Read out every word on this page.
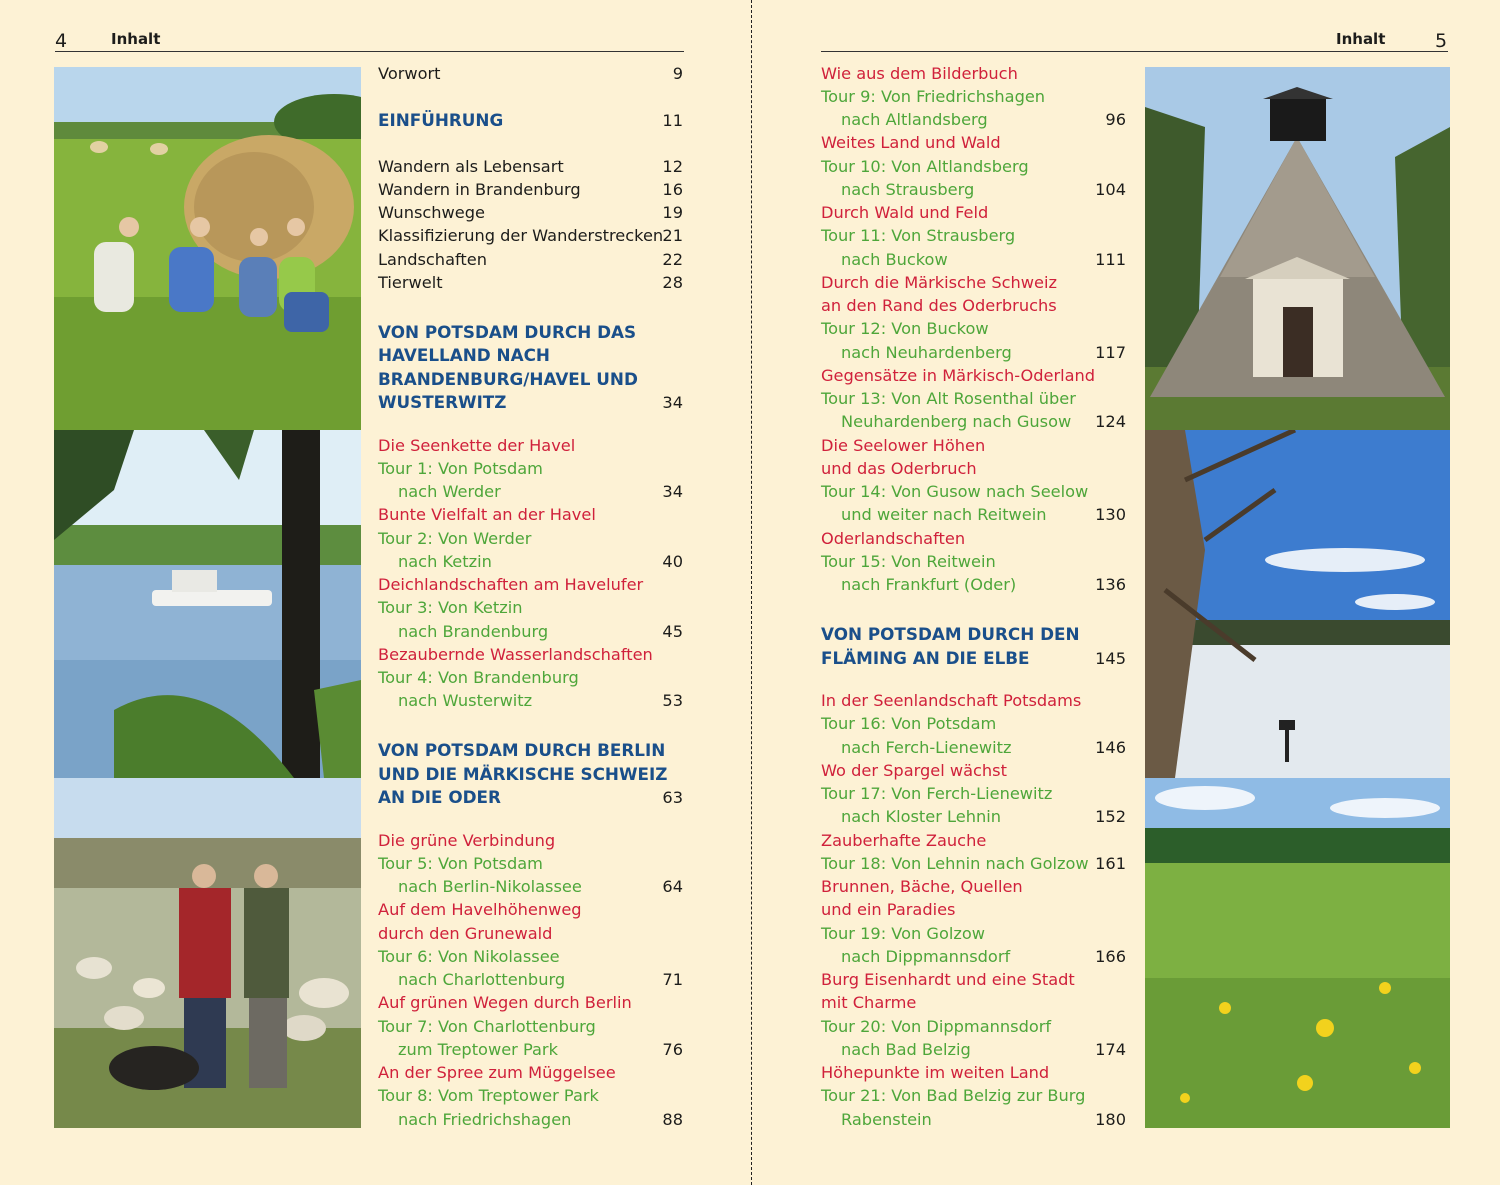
4	Inhalt
Vorwort	9
EINFÜHRUNG	11
Wandern als Lebensart	12
Wandern in Brandenburg	16
Wunschwege	19
Klassifizierung der Wanderstrecken 21
Landschaften	22
Tierwelt	28
VON POTSDAM DURCH DAS
HAVELLAND NACH
BRANDENBURG/HAVEL UND
WUSTERWITZ	34
Die Seenkette der Havel
Tour 1: Von Potsdam
nach Werder	34
Bunte Vielfalt an der Havel
Tour 2: Von Werder
nach Ketzin	40
Deichlandschaften am Havelufer
Tour 3: Von Ketzin
nach Brandenburg	45
Bezaubernde Wasserlandschaften
Tour 4: Von Brandenburg
nach Wusterwitz	53
VON POTSDAM DURCH BERLIN
UND DIE MÄRKISCHE SCHWEIZ
AN DIE ODER	63
Die grüne Verbindung
Tour 5: Von Potsdam
nach Berlin-Nikolassee	64
Auf dem Havelhöhenweg
durch den Grunewald
Tour 6: Von Nikolassee
nach Charlottenburg	71
Auf grünen Wegen durch Berlin
Tour 7: Von Charlottenburg
zum Treptower Park	76
An der Spree zum Müggelsee
Tour 8: Vom Treptower Park
nach Friedrichshagen	88
Inhalt	5
Wie aus dem Bilderbuch
Tour 9: Von Friedrichshagen
nach Altlandsberg	96
Weites Land und Wald
Tour 10: Von Altlandsberg
nach Strausberg	104
Durch Wald und Feld
Tour 11: Von Strausberg
nach Buckow	111
Durch die Märkische Schweiz
an den Rand des Oderbruchs
Tour 12: Von Buckow
nach Neuhardenberg	117
Gegensätze in Märkisch-Oderland
Tour 13: Von Alt Rosenthal über
Neuhardenberg nach Gusow 124
Die Seelower Höhen
und das Oderbruch
Tour 14: Von Gusow nach Seelow
und weiter nach Reitwein	130
Oderlandschaften
Tour 15: Von Reitwein
nach Frankfurt (Oder)	136
VON POTSDAM DURCH DEN
FLÄMING AN DIE ELBE	145
In der Seenlandschaft Potsdams
Tour 16: Von Potsdam
nach Ferch-Lienewitz	146
Wo der Spargel wächst
Tour 17: Von Ferch-Lienewitz
nach Kloster Lehnin	152
Zauberhafte Zauche
Tour 18: Von Lehnin nach Golzow 161
Brunnen, Bäche, Quellen
und ein Paradies
Tour 19: Von Golzow
nach Dippmannsdorf	166
Burg Eisenhardt und eine Stadt
mit Charme
Tour 20: Von Dippmannsdorf
nach Bad Belzig	174
Höhepunkte im weiten Land
Tour 21: Von Bad Belzig zur Burg
Rabenstein	180
